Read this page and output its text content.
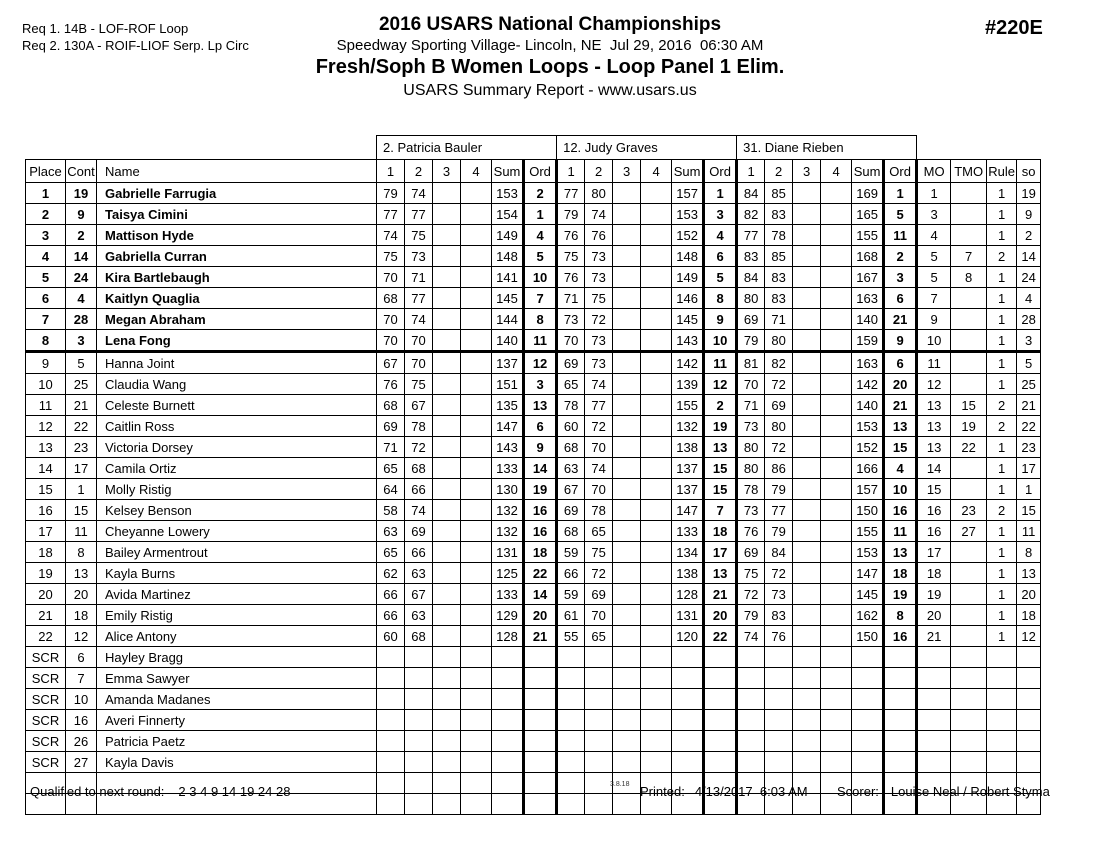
Req 1. 14B - LOF-ROF Loop
Req 2. 130A - ROIF-LIOF Serp. Lp Circ
2016 USARS National Championships
Speedway Sporting Village- Lincoln, NE  Jul 29, 2016  06:30 AM
Fresh/Soph B Women Loops - Loop Panel 1 Elim.
USARS Summary Report - www.usars.us
#220E
			2. Patricia Bauler						12. Judy Graves						31. Diane Rieben									
Place	Cont	Name	1	2	3	4	Sum	Ord	1	2	3	4	Sum	Ord	1	2	3	4	Sum	Ord	MO	TMO	Rule	so
1	19	Gabrielle Farrugia	79	74			153	2	77	80			157	1	84	85			169	1	1		1	19
2	9	Taisya Cimini	77	77			154	1	79	74			153	3	82	83			165	5	3		1	9
3	2	Mattison Hyde	74	75			149	4	76	76			152	4	77	78			155	11	4		1	2
4	14	Gabriella Curran	75	73			148	5	75	73			148	6	83	85			168	2	5	7	2	14
5	24	Kira Bartlebaugh	70	71			141	10	76	73			149	5	84	83			167	3	5	8	1	24
6	4	Kaitlyn Quaglia	68	77			145	7	71	75			146	8	80	83			163	6	7		1	4
7	28	Megan Abraham	70	74			144	8	73	72			145	9	69	71			140	21	9		1	28
8	3	Lena Fong	70	70			140	11	70	73			143	10	79	80			159	9	10		1	3
9	5	Hanna Joint	67	70			137	12	69	73			142	11	81	82			163	6	11		1	5
10	25	Claudia Wang	76	75			151	3	65	74			139	12	70	72			142	20	12		1	25
11	21	Celeste Burnett	68	67			135	13	78	77			155	2	71	69			140	21	13	15	2	21
12	22	Caitlin Ross	69	78			147	6	60	72			132	19	73	80			153	13	13	19	2	22
13	23	Victoria Dorsey	71	72			143	9	68	70			138	13	80	72			152	15	13	22	1	23
14	17	Camila Ortiz	65	68			133	14	63	74			137	15	80	86			166	4	14		1	17
15	1	Molly Ristig	64	66			130	19	67	70			137	15	78	79			157	10	15		1	1
16	15	Kelsey Benson	58	74			132	16	69	78			147	7	73	77			150	16	16	23	2	15
17	11	Cheyanne Lowery	63	69			132	16	68	65			133	18	76	79			155	11	16	27	1	11
18	8	Bailey Armentrout	65	66			131	18	59	75			134	17	69	84			153	13	17		1	8
19	13	Kayla Burns	62	63			125	22	66	72			138	13	75	72			147	18	18		1	13
20	20	Avida Martinez	66	67			133	14	59	69			128	21	72	73			145	19	19		1	20
21	18	Emily Ristig	66	63			129	20	61	70			131	20	79	83			162	8	20		1	18
22	12	Alice Antony	60	68			128	21	55	65			120	22	74	76			150	16	21		1	12
SCR	6	Hayley Bragg																						
SCR	7	Emma Sawyer																						
SCR	10	Amanda Madanes																						
SCR	16	Averi Finnerty																						
SCR	26	Patricia Paetz																						
SCR	27	Kayla Davis																						

Qualified to next round: 2 3 4 9 14 19 24 28	3.8.18 Printed: 4/13/2017  6:03 AM Scorer: Louise Neal / Robert Styma
